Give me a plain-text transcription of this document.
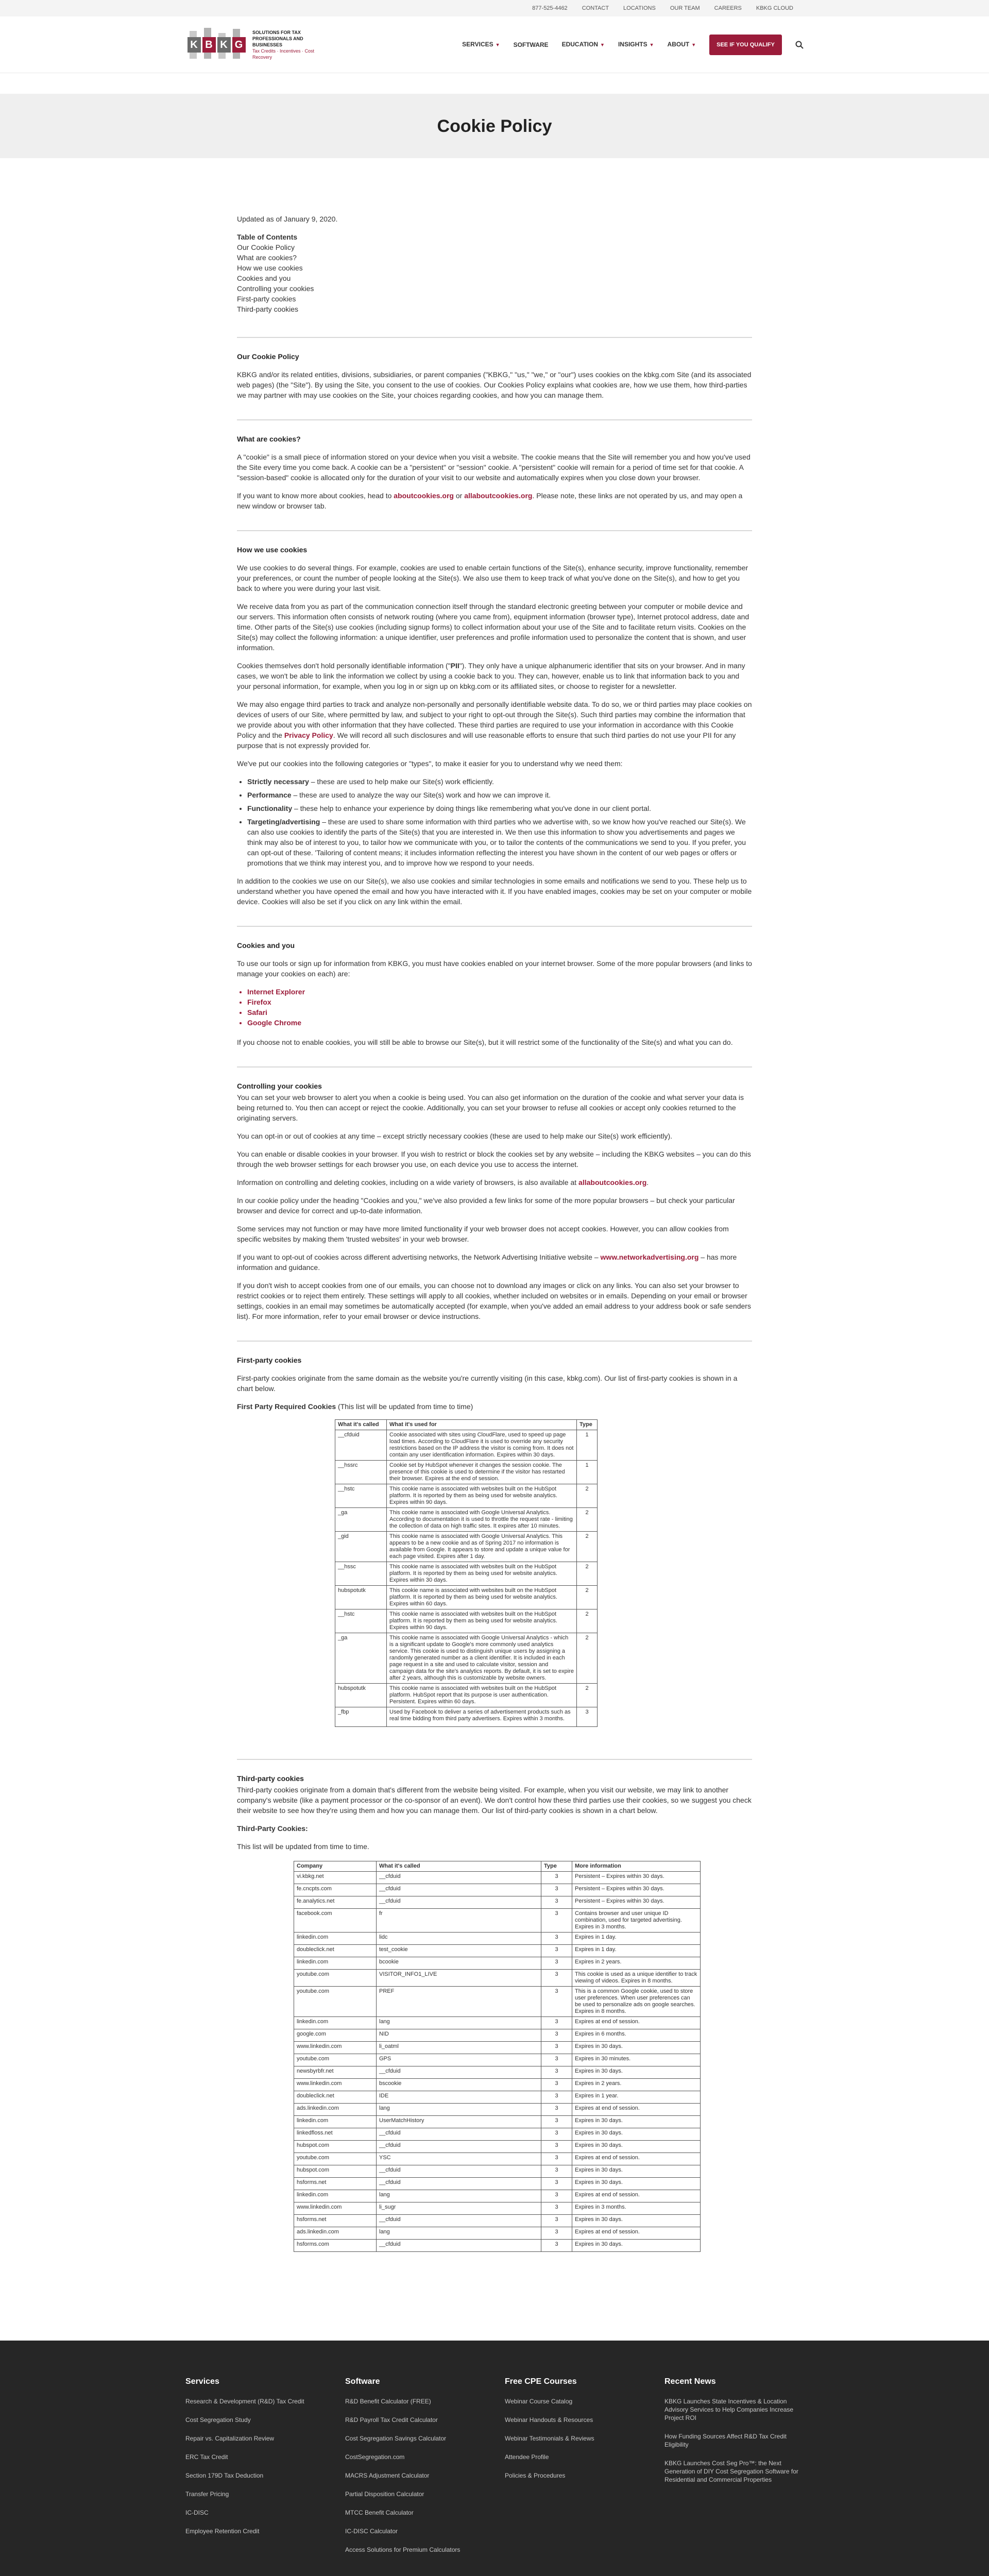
877-525-4462	CONTACT	LOCATIONS	OUR TEAM	CAREERS	KBKG CLOUD
K B K G
SOLUTIONS FOR TAX PROFESSIONALS AND BUSINESSES
Tax Credits · Incentives · Cost Recovery
SERVICES ▼ SOFTWARE EDUCATION ▼ INSIGHTS ▼ ABOUT ▼	SEE IF YOU QUALIFY
Cookie Policy

Updated as of January 9, 2020.

Table of Contents
Our Cookie Policy
What are cookies?
How we use cookies
Cookies and you
Controlling your cookies
First-party cookies
Third-party cookies
Our Cookie Policy

KBKG and/or its related entities, divisions, subsidiaries, or parent companies ("KBKG," "us," "we," or "our") uses cookies on the kbkg.com Site (and its associated web pages) (the "Site"). By using the Site, you consent to the use of cookies. Our Cookies Policy explains what cookies are, how we use them, how third-parties we may partner with may use cookies on the Site, your choices regarding cookies, and how you can manage them.

What are cookies?

A "cookie" is a small piece of information stored on your device when you visit a website. The cookie means that the Site will remember you and how you've used the Site every time you come back. A cookie can be a "persistent" or "session" cookie. A "persistent" cookie will remain for a period of time set for that cookie. A "session-based" cookie is allocated only for the duration of your visit to our website and automatically expires when you close down your browser.

If you want to know more about cookies, head to aboutcookies.org or allaboutcookies.org. Please note, these links are not operated by us, and may open a new window or browser tab.

How we use cookies

We use cookies to do several things. For example, cookies are used to enable certain functions of the Site(s), enhance security, improve functionality, remember your preferences, or count the number of people looking at the Site(s). We also use them to keep track of what you've done on the Site(s), and how to get you back to where you were during your last visit.

We receive data from you as part of the communication connection itself through the standard electronic greeting between your computer or mobile device and our servers. This information often consists of network routing (where you came from), equipment information (browser type), Internet protocol address, date and time. Other parts of the Site(s) use cookies (including signup forms) to collect information about your use of the Site and to facilitate return visits. Cookies on the Site(s) may collect the following information: a unique identifier, user preferences and profile information used to personalize the content that is shown, and user information.

Cookies themselves don't hold personally identifiable information ("PII"). They only have a unique alphanumeric identifier that sits on your browser. And in many cases, we won't be able to link the information we collect by using a cookie back to you. They can, however, enable us to link that information back to you and your personal information, for example, when you log in or sign up on kbkg.com or its affiliated sites, or choose to register for a newsletter.

We may also engage third parties to track and analyze non-personally and personally identifiable website data. To do so, we or third parties may place cookies on devices of users of our Site, where permitted by law, and subject to your right to opt-out through the Site(s). Such third parties may combine the information that we provide about you with other information that they have collected. These third parties are required to use your information in accordance with this Cookie Policy and the Privacy Policy. We will record all such disclosures and will use reasonable efforts to ensure that such third parties do not use your PII for any purpose that is not expressly provided for.

We've put our cookies into the following categories or "types", to make it easier for you to understand why we need them:

• Strictly necessary – these are used to help make our Site(s) work efficiently.
• Performance – these are used to analyze the way our Site(s) work and how we can improve it.
• Functionality – these help to enhance your experience by doing things like remembering what you've done in our client portal.
• Targeting/advertising – these are used to share some information with third parties who we advertise with, so we know how you've reached our Site(s). We can also use cookies to identify the parts of the Site(s) that you are interested in. We then use this information to show you advertisements and pages we think may also be of interest to you, to tailor how we communicate with you, or to tailor the contents of the communications we send to you. If you prefer, you can opt-out of these. 'Tailoring of content means; it includes information reflecting the interest you have shown in the content of our web pages or offers or promotions that we think may interest you, and to improve how we respond to your needs.

In addition to the cookies we use on our Site(s), we also use cookies and similar technologies in some emails and notifications we send to you. These help us to understand whether you have opened the email and how you have interacted with it. If you have enabled images, cookies may be set on your computer or mobile device. Cookies will also be set if you click on any link within the email.

Cookies and you

To use our tools or sign up for information from KBKG, you must have cookies enabled on your internet browser. Some of the more popular browsers (and links to manage your cookies on each) are:

• Internet Explorer
• Firefox
• Safari
• Google Chrome

If you choose not to enable cookies, you will still be able to browse our Site(s), but it will restrict some of the functionality of the Site(s) and what you can do.

Controlling your cookies

You can set your web browser to alert you when a cookie is being used. You can also get information on the duration of the cookie and what server your data is being returned to. You then can accept or reject the cookie. Additionally, you can set your browser to refuse all cookies or accept only cookies returned to the originating servers.

You can opt-in or out of cookies at any time – except strictly necessary cookies (these are used to help make our Site(s) work efficiently).

You can enable or disable cookies in your browser. If you wish to restrict or block the cookies set by any website – including the KBKG websites – you can do this through the web browser settings for each browser you use, on each device you use to access the internet.

Information on controlling and deleting cookies, including on a wide variety of browsers, is also available at allaboutcookies.org.

In our cookie policy under the heading "Cookies and you," we've also provided a few links for some of the more popular browsers – but check your particular browser and device for correct and up-to-date information.

Some services may not function or may have more limited functionality if your web browser does not accept cookies. However, you can allow cookies from specific websites by making them 'trusted websites' in your web browser.

If you want to opt-out of cookies across different advertising networks, the Network Advertising Initiative website – www.networkadvertising.org – has more information and guidance.

If you don't wish to accept cookies from one of our emails, you can choose not to download any images or click on any links. You can also set your browser to restrict cookies or to reject them entirely. These settings will apply to all cookies, whether included on websites or in emails. Depending on your email or browser settings, cookies in an email may sometimes be automatically accepted (for example, when you've added an email address to your address book or safe senders list). For more information, refer to your email browser or device instructions.

First-party cookies

First-party cookies originate from the same domain as the website you're currently visiting (in this case, kbkg.com). Our list of first-party cookies is shown in a chart below.

First Party Required Cookies (This list will be updated from time to time)

What it's called	What it's used for	Type
__cfduid	Cookie associated with sites using CloudFlare, used to speed up page load times. According to CloudFlare it is used to override any security restrictions based on the IP address the visitor is coming from. It does not contain any user identification information. Expires within 30 days.	1
__hssrc	Cookie set by HubSpot whenever it changes the session cookie. The presence of this cookie is used to determine if the visitor has restarted their browser. Expires at the end of session.	1
__hstc	This cookie name is associated with websites built on the HubSpot platform. It is reported by them as being used for website analytics. Expires within 90 days.	2
_ga	This cookie name is associated with Google Universal Analytics. According to documentation it is used to throttle the request rate - limiting the collection of data on high traffic sites. It expires after 10 minutes.	2
_gid	This cookie name is associated with Google Universal Analytics. This appears to be a new cookie and as of Spring 2017 no information is available from Google. It appears to store and update a unique value for each page visited. Expires after 1 day.	2
__hssc	This cookie name is associated with websites built on the HubSpot platform. It is reported by them as being used for website analytics. Expires within 30 days.	2
hubspotutk	This cookie name is associated with websites built on the HubSpot platform. It is reported by them as being used for website analytics. Expires within 60 days.	2
__hstc	This cookie name is associated with websites built on the HubSpot platform. It is reported by them as being used for website analytics. Expires within 90 days.	2
_ga	This cookie name is associated with Google Universal Analytics - which is a significant update to Google's more commonly used analytics service. This cookie is used to distinguish unique users by assigning a randomly generated number as a client identifier. It is included in each page request in a site and used to calculate visitor, session and campaign data for the site's analytics reports. By default, it is set to expire after 2 years, although this is customizable by website owners.	2
hubspotutk	This cookie name is associated with websites built on the HubSpot platform. HubSpot report that its purpose is user authentication. Persistent. Expires within 60 days.	2
_fbp	Used by Facebook to deliver a series of advertisement products such as real time bidding from third party advertisers. Expires within 3 months.	3
Third-party cookies

Third-party cookies originate from a domain that's different from the website being visited. For example, when you visit our website, we may link to another company's website (like a payment processor or the co-sponsor of an event). We don't control how these third parties use their cookies, so we suggest you check their website to see how they're using them and how you can manage them. Our list of third-party cookies is shown in a chart below.

Third-Party Cookies:

This list will be updated from time to time.

Company	What it's called	Type	More information
vi.kbkg.net	__cfduid	3	Persistent – Expires within 30 days.
fe.cncpts.com	__cfduid	3	Persistent – Expires within 30 days.
fe.analytics.net	__cfduid	3	Persistent – Expires within 30 days.
facebook.com	fr	3	Contains browser and user unique ID combination, used for targeted advertising. Expires in 3 months.
linkedin.com	lidc	3	Expires in 1 day.
doubleclick.net	test_cookie	3	Expires in 1 day.
linkedin.com	bcookie	3	Expires in 2 years.
youtube.com	VISITOR_INFO1_LIVE	3	This cookie is used as a unique identifier to track viewing of videos. Expires in 8 months.
youtube.com	PREF	3	This is a common Google cookie, used to store user preferences. When user preferences can be used to personalize ads on google searches. Expires in 8 months.
linkedin.com	lang	3	Expires at end of session.
google.com	NID	3	Expires in 6 months.
www.linkedin.com	li_oatml	3	Expires in 30 days.
youtube.com	GPS	3	Expires in 30 minutes.
newsbyrbfr.net	__cfduid	3	Expires in 30 days.
www.linkedin.com	bscookie	3	Expires in 2 years.
doubleclick.net	IDE	3	Expires in 1 year.
ads.linkedin.com	lang	3	Expires at end of session.
linkedin.com	UserMatchHistory	3	Expires in 30 days.
linkedfloss.net	__cfduid	3	Expires in 30 days.
hubspot.com	__cfduid	3	Expires in 30 days.
youtube.com	YSC	3	Expires at end of session.
hubspot.com	__cfduid	3	Expires in 30 days.
hsforms.net	__cfduid	3	Expires in 30 days.
linkedin.com	lang	3	Expires at end of session.
www.linkedin.com	li_sugr	3	Expires in 3 months.
hsforms.net	__cfduid	3	Expires in 30 days.
ads.linkedin.com	lang	3	Expires at end of session.
hsforms.com	__cfduid	3	Expires in 30 days.
Services
Research & Development (R&D) Tax Credit
Cost Segregation Study
Repair vs. Capitalization Review
ERC Tax Credit
Section 179D Tax Deduction
Transfer Pricing
IC-DISC
Employee Retention Credit
Software
R&D Benefit Calculator (FREE)
R&D Payroll Tax Credit Calculator
Cost Segregation Savings Calculator
CostSegregation.com
MACRS Adjustment Calculator
Partial Disposition Calculator
MTCC Benefit Calculator
IC-DISC Calculator
Access Solutions for Premium Calculators
Free CPE Courses
Webinar Course Catalog
Webinar Handouts & Resources
Webinar Testimonials & Reviews
Attendee Profile
Policies & Procedures
Recent News
KBKG Launches State Incentives & Location Advisory Services to Help Companies Increase Project ROI
How Funding Sources Affect R&D Tax Credit Eligibility
KBKG Launches Cost Seg Pro™: the Next Generation of DIY Cost Segregation Software for Residential and Commercial Properties
